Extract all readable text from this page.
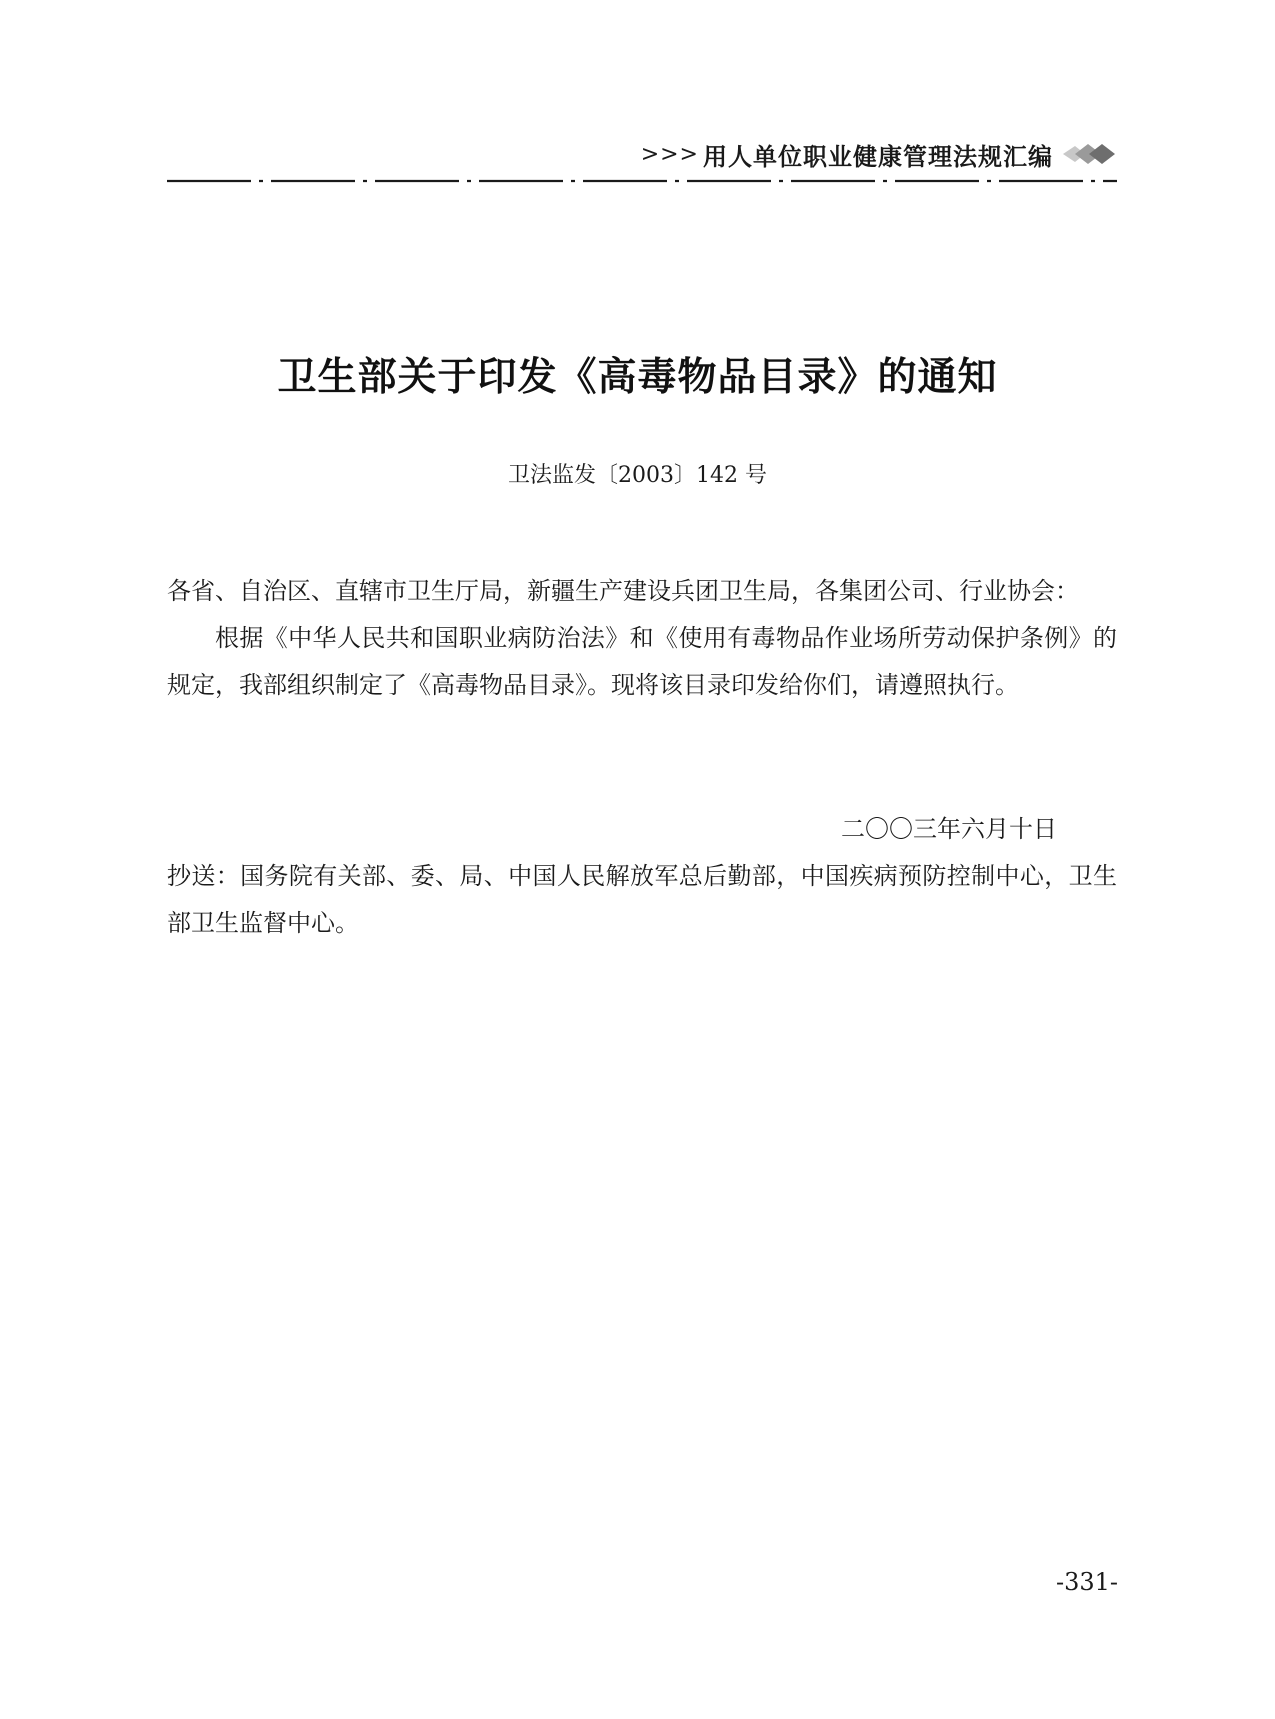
>>> 用人单位职业健康管理法规汇编
卫生部关于印发《高毒物品目录》的通知
卫法监发〔2003〕142 号
各省、自治区、直辖市卫生厅局，新疆生产建设兵团卫生局，各集团公司、行业协会：
根据《中华人民共和国职业病防治法》和《使用有毒物品作业场所劳动保护条例》的规定，我部组织制定了《高毒物品目录》。现将该目录印发给你们，请遵照执行。
二〇〇三年六月十日
抄送：国务院有关部、委、局、中国人民解放军总后勤部，中国疾病预防控制中心，卫生部卫生监督中心。
-331-
